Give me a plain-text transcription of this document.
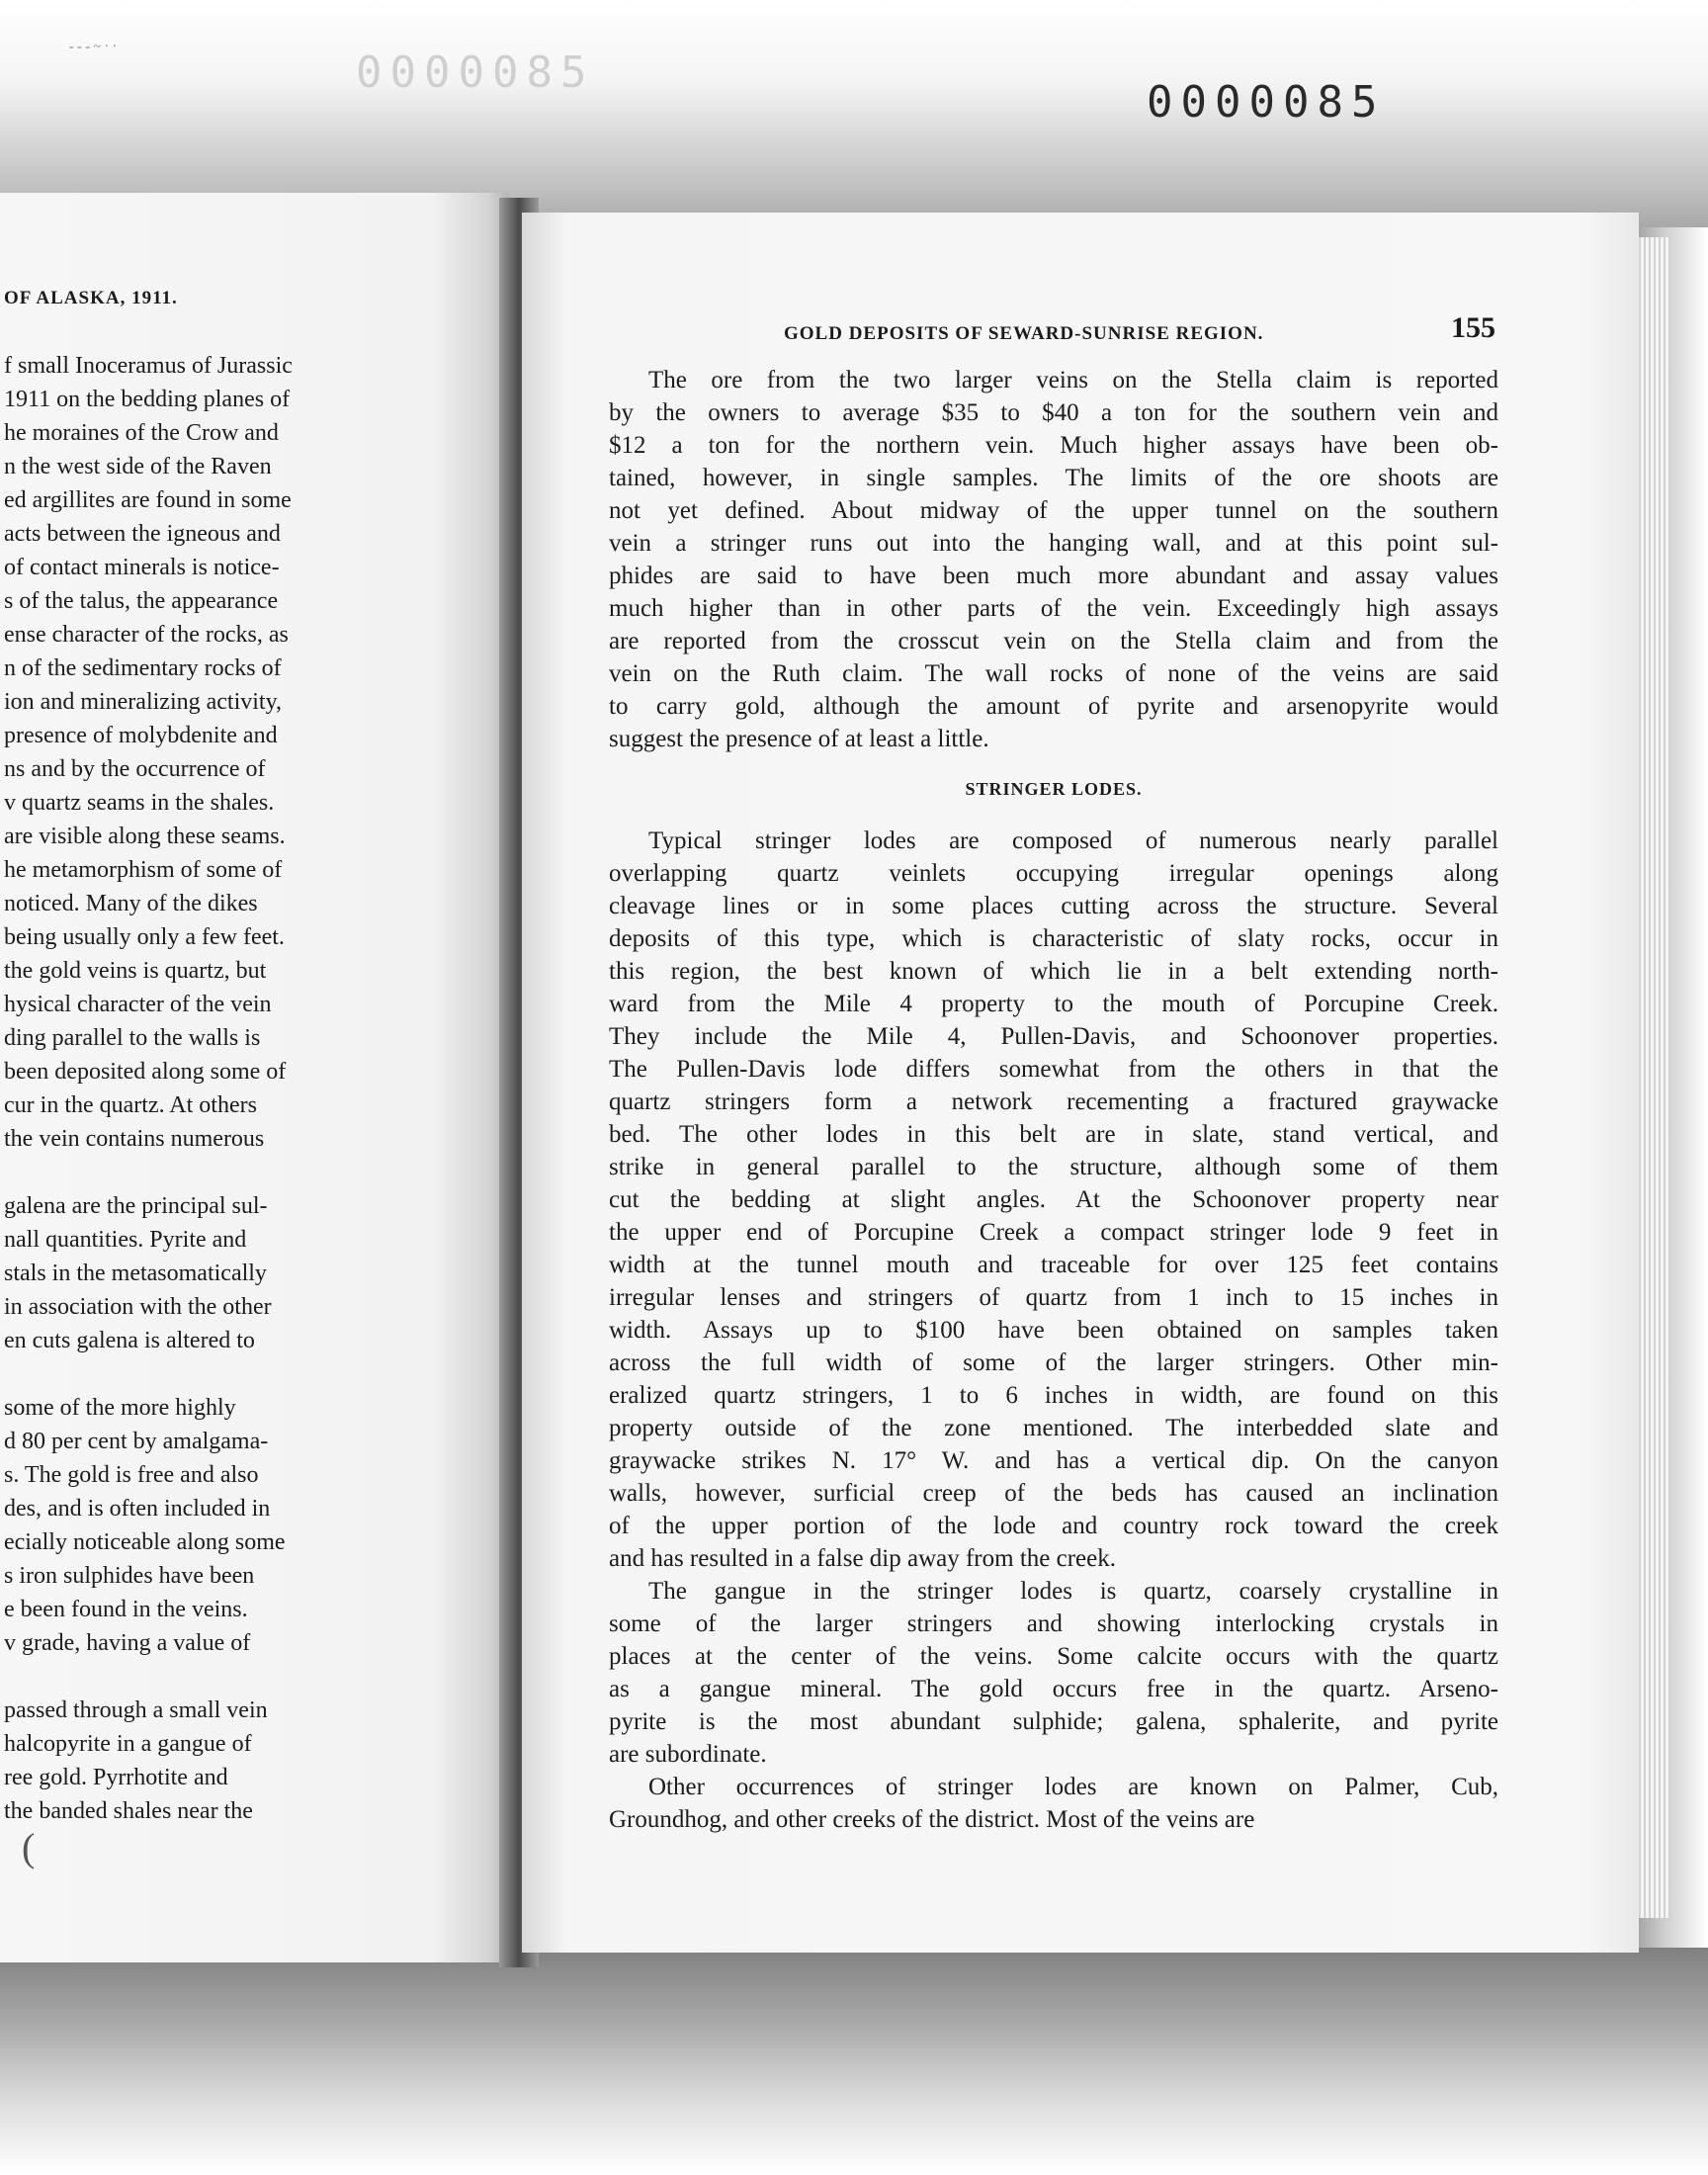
- - - ~ · ·
0000085
0000085
OF ALASKA, 1911.
f small Inoceramus of Jurassic
1911 on the bedding planes of
he moraines of the Crow and
n the west side of the Raven
ed argillites are found in some
acts between the igneous and
of contact minerals is notice-
s of the talus, the appearance
ense character of the rocks, as
n of the sedimentary rocks of
ion and mineralizing activity,
presence of molybdenite and
ns and by the occurrence of
v quartz seams in the shales.
are visible along these seams.
he metamorphism of some of
noticed. Many of the dikes
being usually only a few feet.
the gold veins is quartz, but
hysical character of the vein
ding parallel to the walls is
been deposited along some of
cur in the quartz. At others
the vein contains numerous
galena are the principal sul-
nall quantities. Pyrite and
stals in the metasomatically
in association with the other
en cuts galena is altered to
some of the more highly
d 80 per cent by amalgama-
s. The gold is free and also
des, and is often included in
ecially noticeable along some
s iron sulphides have been
e been found in the veins.
v grade, having a value of
passed through a small vein
halcopyrite in a gangue of
ree gold. Pyrrhotite and
the banded shales near the
(
GOLD DEPOSITS OF SEWARD-SUNRISE REGION.	155
The ore from the two larger veins on the Stella claim is reported
by the owners to average $35 to $40 a ton for the southern vein and
$12 a ton for the northern vein. Much higher assays have been ob-
tained, however, in single samples. The limits of the ore shoots are
not yet defined. About midway of the upper tunnel on the southern
vein a stringer runs out into the hanging wall, and at this point sul-
phides are said to have been much more abundant and assay values
much higher than in other parts of the vein. Exceedingly high assays
are reported from the crosscut vein on the Stella claim and from the
vein on the Ruth claim. The wall rocks of none of the veins are said
to carry gold, although the amount of pyrite and arsenopyrite would
suggest the presence of at least a little.
STRINGER LODES.
Typical stringer lodes are composed of numerous nearly parallel
overlapping quartz veinlets occupying irregular openings along
cleavage lines or in some places cutting across the structure. Several
deposits of this type, which is characteristic of slaty rocks, occur in
this region, the best known of which lie in a belt extending north-
ward from the Mile 4 property to the mouth of Porcupine Creek.
They include the Mile 4, Pullen-Davis, and Schoonover properties.
The Pullen-Davis lode differs somewhat from the others in that the
quartz stringers form a network recementing a fractured graywacke
bed. The other lodes in this belt are in slate, stand vertical, and
strike in general parallel to the structure, although some of them
cut the bedding at slight angles. At the Schoonover property near
the upper end of Porcupine Creek a compact stringer lode 9 feet in
width at the tunnel mouth and traceable for over 125 feet contains
irregular lenses and stringers of quartz from 1 inch to 15 inches in
width. Assays up to $100 have been obtained on samples taken
across the full width of some of the larger stringers. Other min-
eralized quartz stringers, 1 to 6 inches in width, are found on this
property outside of the zone mentioned. The interbedded slate and
graywacke strikes N. 17° W. and has a vertical dip. On the canyon
walls, however, surficial creep of the beds has caused an inclination
of the upper portion of the lode and country rock toward the creek
and has resulted in a false dip away from the creek.
The gangue in the stringer lodes is quartz, coarsely crystalline in
some of the larger stringers and showing interlocking crystals in
places at the center of the veins. Some calcite occurs with the quartz
as a gangue mineral. The gold occurs free in the quartz. Arseno-
pyrite is the most abundant sulphide; galena, sphalerite, and pyrite
are subordinate.
Other occurrences of stringer lodes are known on Palmer, Cub,
Groundhog, and other creeks of the district. Most of the veins are
